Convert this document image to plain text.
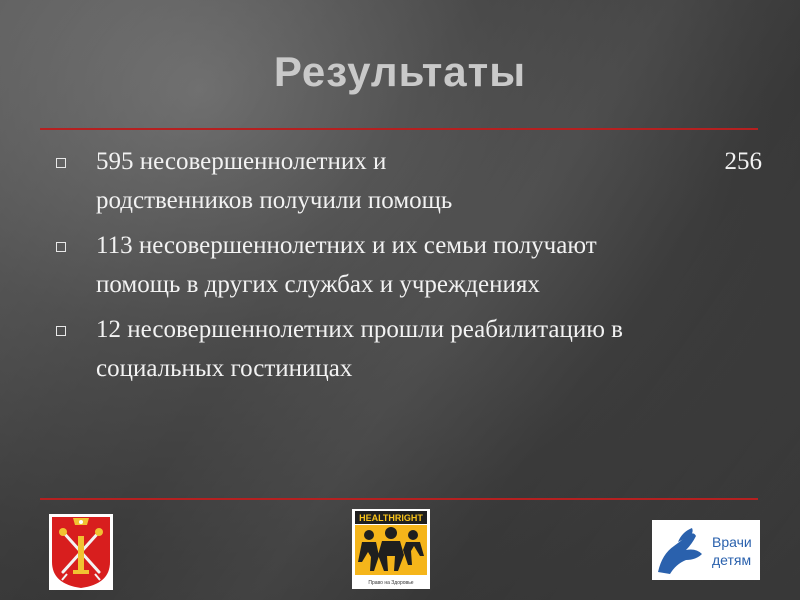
Результаты
595 несовершеннолетних и	256
родственников получили помощь
113 несовершеннолетних и их семьи получают
помощь в других службах и учреждениях
12 несовершеннолетних прошли реабилитацию в
социальных гостиницах
HEALTHRIGHT
Право на Здоровье
Врачи
детям
